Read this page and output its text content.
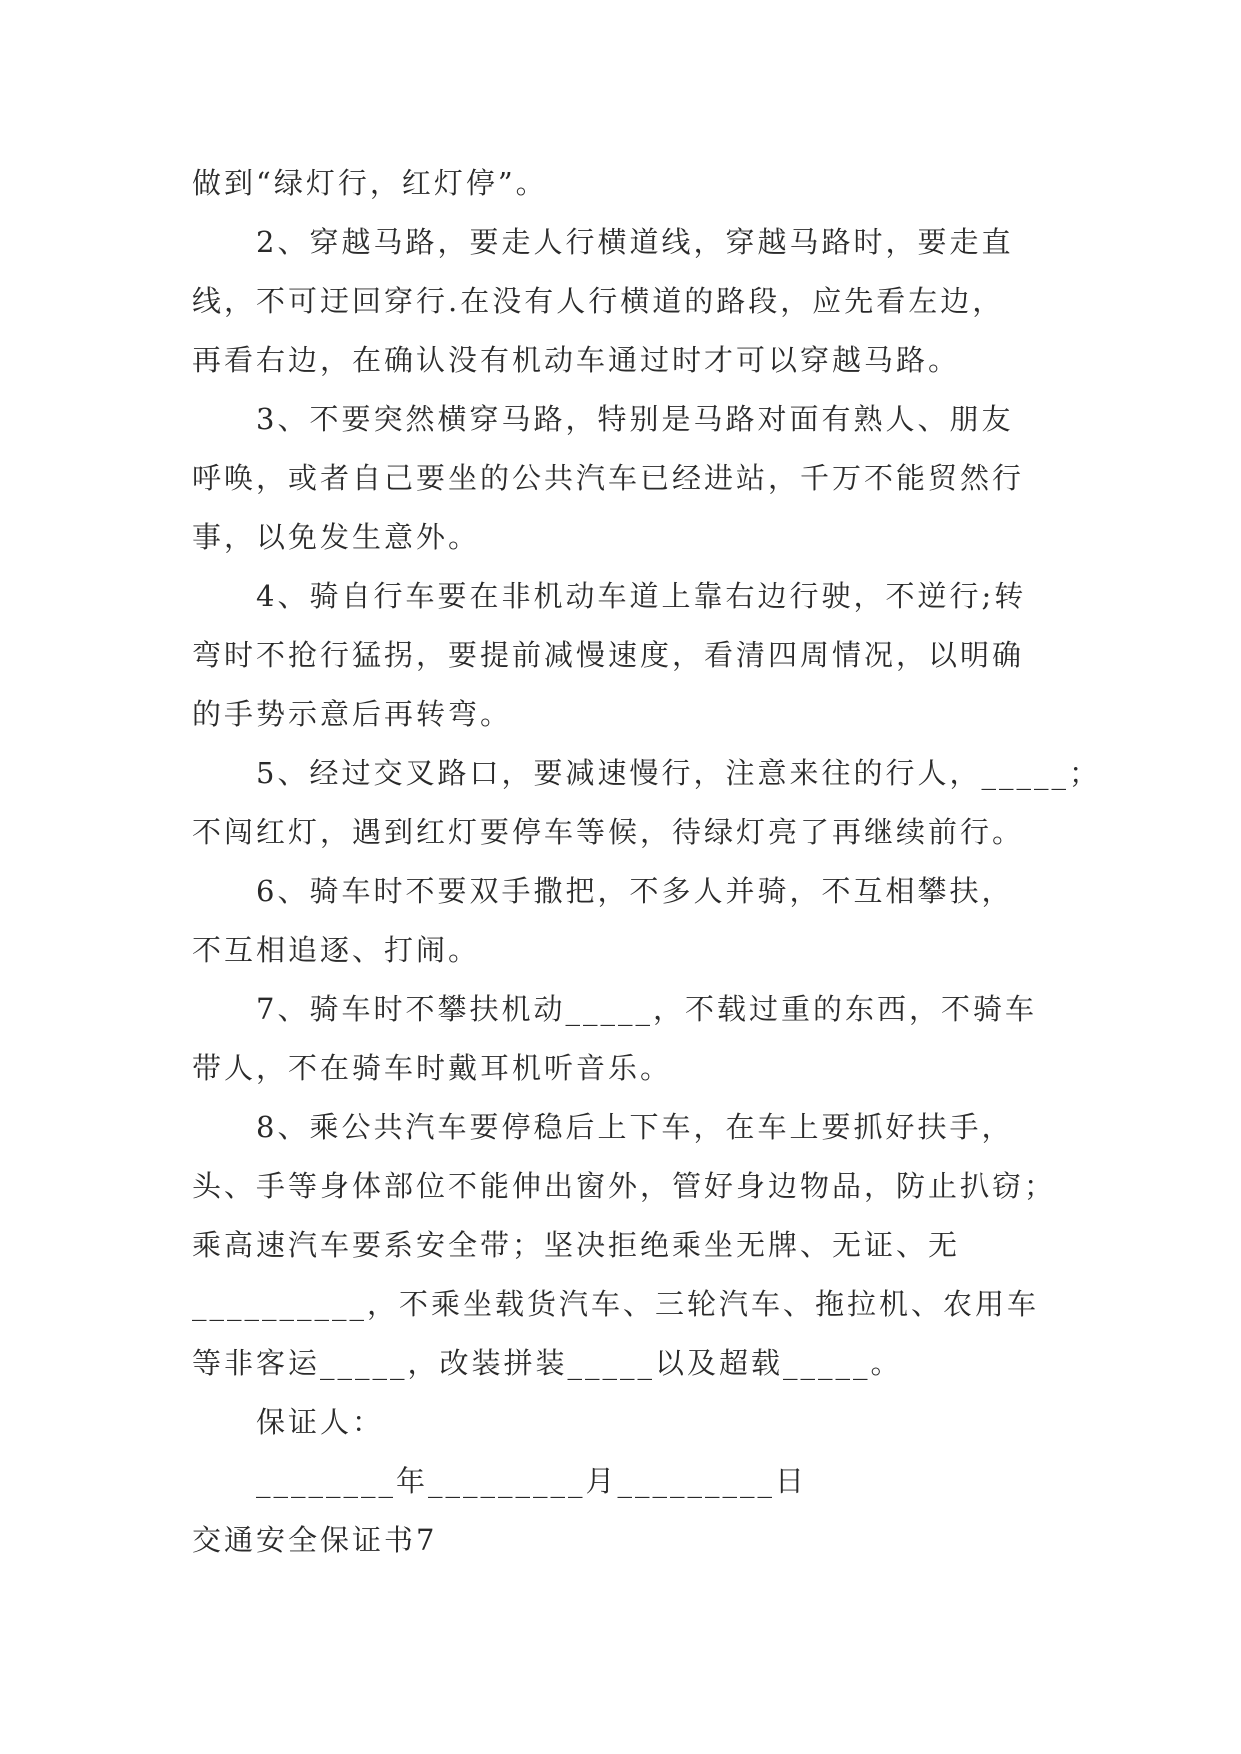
做到“绿灯行，红灯停”。
2、穿越马路，要走人行横道线，穿越马路时，要走直
线，不可迂回穿行.在没有人行横道的路段，应先看左边，
再看右边，在确认没有机动车通过时才可以穿越马路。
3、不要突然横穿马路，特别是马路对面有熟人、朋友
呼唤，或者自己要坐的公共汽车已经进站，千万不能贸然行
事，以免发生意外。
4、骑自行车要在非机动车道上靠右边行驶，不逆行;转
弯时不抢行猛拐，要提前减慢速度，看清四周情况，以明确
的手势示意后再转弯。
5、经过交叉路口，要减速慢行，注意来往的行人，_____；
不闯红灯，遇到红灯要停车等候，待绿灯亮了再继续前行。
6、骑车时不要双手撒把，不多人并骑，不互相攀扶，
不互相追逐、打闹。
7、骑车时不攀扶机动_____，不载过重的东西，不骑车
带人，不在骑车时戴耳机听音乐。
8、乘公共汽车要停稳后上下车，在车上要抓好扶手，
头、手等身体部位不能伸出窗外，管好身边物品，防止扒窃；
乘高速汽车要系安全带；坚决拒绝乘坐无牌、无证、无
__________，不乘坐载货汽车、三轮汽车、拖拉机、农用车
等非客运_____，改装拼装_____以及超载_____。
保证人：
________年_________月_________日
交通安全保证书7
